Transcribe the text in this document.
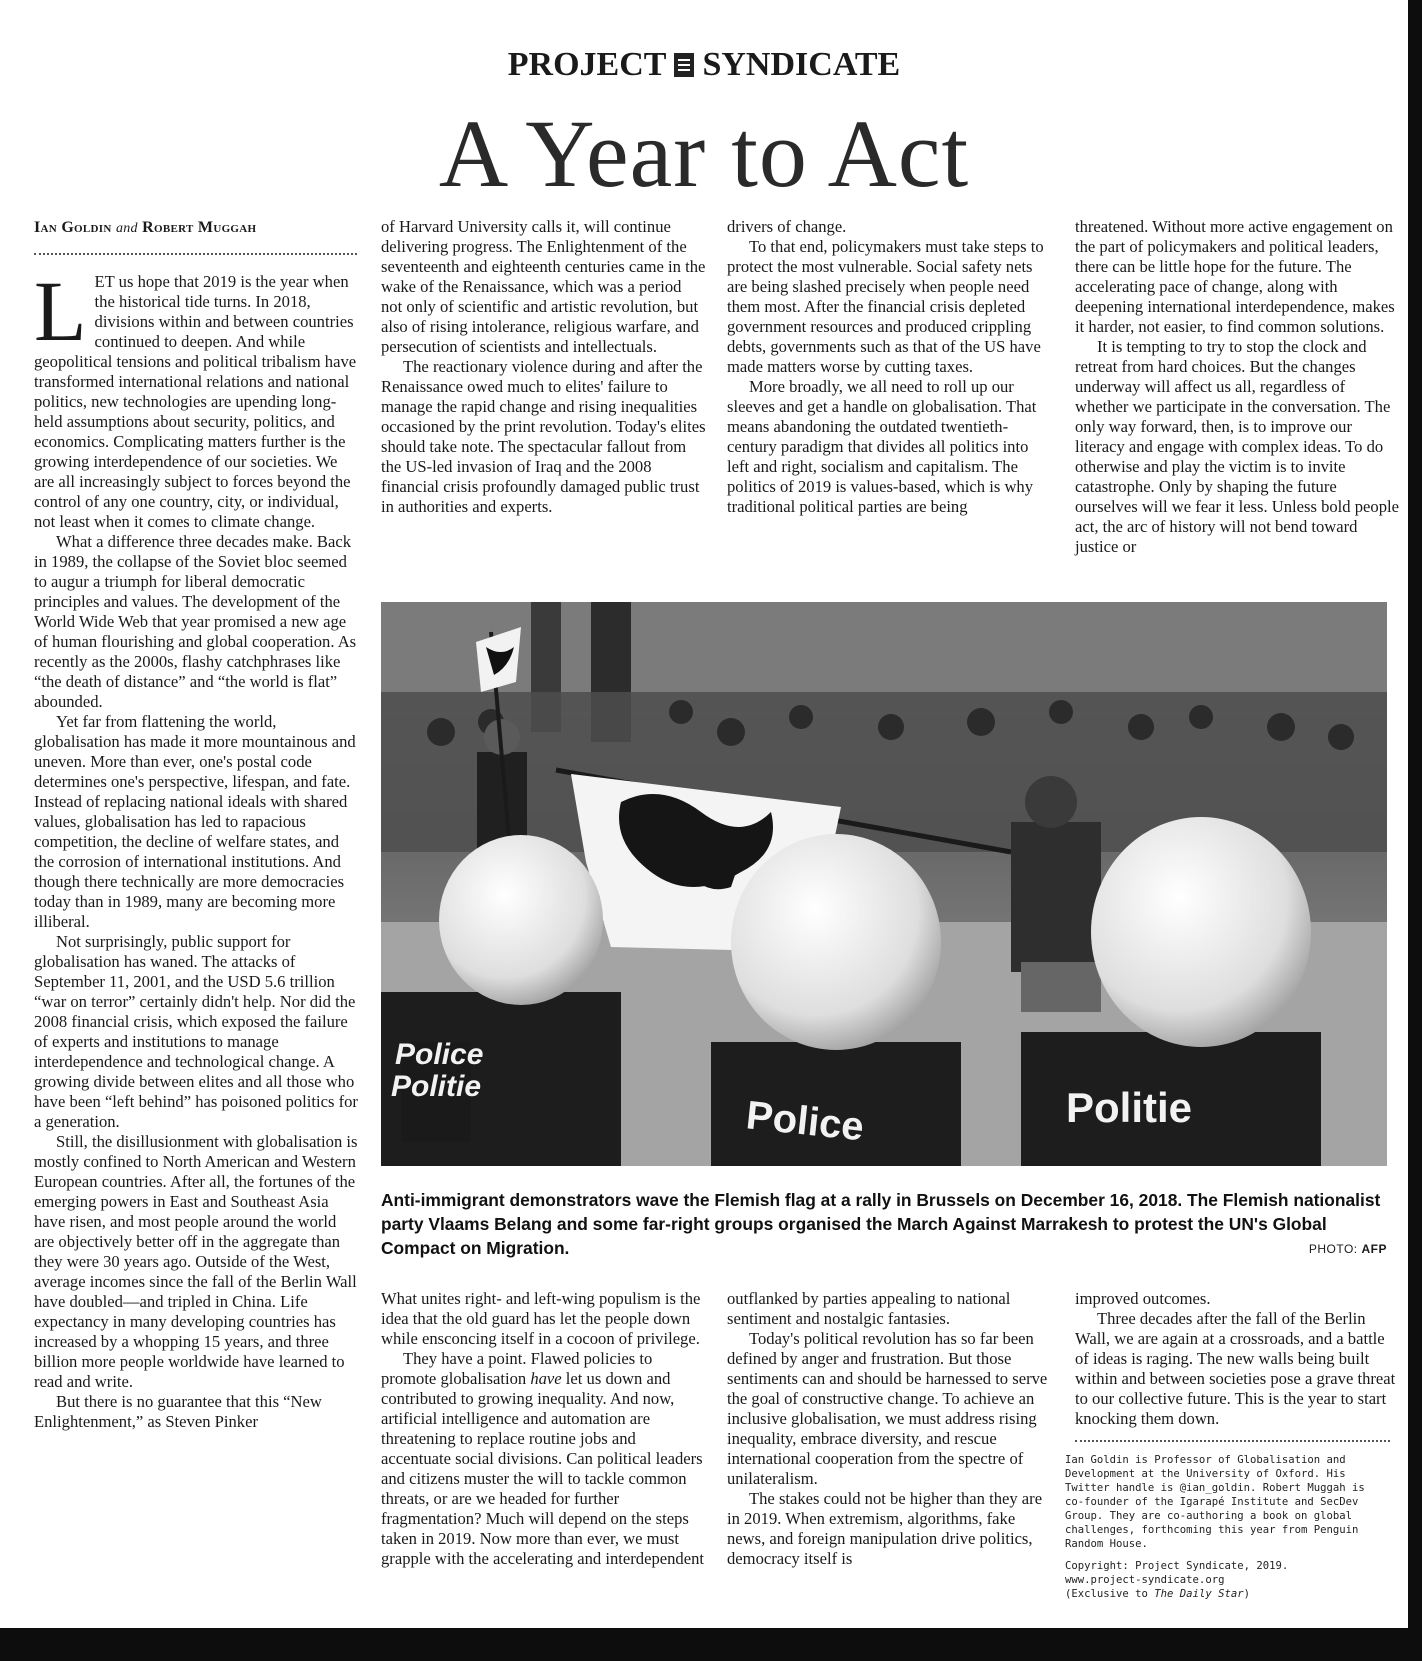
PROJECT SYNDICATE
A Year to Act
Ian Goldin and Robert Muggah

LET us hope that 2019 is the year when the historical tide turns. In 2018, divisions within and between countries continued to deepen. And while geopolitical tensions and political tribalism have transformed international relations and national politics, new technologies are upending long-held assumptions about security, politics, and economics. Complicating matters further is the growing interdependence of our societies. We are all increasingly subject to forces beyond the control of any one country, city, or individual, not least when it comes to climate change.

What a difference three decades make. Back in 1989, the collapse of the Soviet bloc seemed to augur a triumph for liberal democratic principles and values. The development of the World Wide Web that year promised a new age of human flourishing and global cooperation. As recently as the 2000s, flashy catchphrases like “the death of distance” and “the world is flat” abounded.

Yet far from flattening the world, globalisation has made it more mountainous and uneven. More than ever, one's postal code determines one's perspective, lifespan, and fate. Instead of replacing national ideals with shared values, globalisation has led to rapacious competition, the decline of welfare states, and the corrosion of international institutions. And though there technically are more democracies today than in 1989, many are becoming more illiberal.

Not surprisingly, public support for globalisation has waned. The attacks of September 11, 2001, and the USD 5.6 trillion “war on terror” certainly didn't help. Nor did the 2008 financial crisis, which exposed the failure of experts and institutions to manage interdependence and technological change. A growing divide between elites and all those who have been “left behind” has poisoned politics for a generation.

Still, the disillusionment with globalisation is mostly confined to North American and Western European countries. After all, the fortunes of the emerging powers in East and Southeast Asia have risen, and most people around the world are objectively better off in the aggregate than they were 30 years ago. Outside of the West, average incomes since the fall of the Berlin Wall have doubled—and tripled in China. Life expectancy in many developing countries has increased by a whopping 15 years, and three billion more people worldwide have learned to read and write.

But there is no guarantee that this “New Enlightenment,” as Steven Pinker

of Harvard University calls it, will continue delivering progress. The Enlightenment of the seventeenth and eighteenth centuries came in the wake of the Renaissance, which was a period not only of scientific and artistic revolution, but also of rising intolerance, religious warfare, and persecution of scientists and intellectuals.

The reactionary violence during and after the Renaissance owed much to elites' failure to manage the rapid change and rising inequalities occasioned by the print revolution. Today's elites should take note. The spectacular fallout from the US-led invasion of Iraq and the 2008 financial crisis profoundly damaged public trust in authorities and experts.

drivers of change.

To that end, policymakers must take steps to protect the most vulnerable. Social safety nets are being slashed precisely when people need them most. After the financial crisis depleted government resources and produced crippling debts, governments such as that of the US have made matters worse by cutting taxes.

More broadly, we all need to roll up our sleeves and get a handle on globalisation. That means abandoning the outdated twentieth-century paradigm that divides all politics into left and right, socialism and capitalism. The politics of 2019 is values-based, which is why traditional political parties are being

threatened. Without more active engagement on the part of policymakers and political leaders, there can be little hope for the future. The accelerating pace of change, along with deepening international interdependence, makes it harder, not easier, to find common solutions.

It is tempting to try to stop the clock and retreat from hard choices. But the changes underway will affect us all, regardless of whether we participate in the conversation. The only way forward, then, is to improve our literacy and engage with complex ideas. To do otherwise and play the victim is to invite catastrophe. Only by shaping the future ourselves will we fear it less. Unless bold people act, the arc of history will not bend toward justice or

Police
Politie
Police	Politie
Anti-immigrant demonstrators wave the Flemish flag at a rally in Brussels on December 16, 2018. The Flemish nationalist party Vlaams Belang and some far-right groups organised the March Against Marrakesh to protest the UN's Global Compact on Migration.	PHOTO: AFP

What unites right- and left-wing populism is the idea that the old guard has let the people down while ensconcing itself in a cocoon of privilege.

They have a point. Flawed policies to promote globalisation have let us down and contributed to growing inequality. And now, artificial intelligence and automation are threatening to replace routine jobs and accentuate social divisions. Can political leaders and citizens muster the will to tackle common threats, or are we headed for further fragmentation? Much will depend on the steps taken in 2019. Now more than ever, we must grapple with the accelerating and interdependent

outflanked by parties appealing to national sentiment and nostalgic fantasies.

Today's political revolution has so far been defined by anger and frustration. But those sentiments can and should be harnessed to serve the goal of constructive change. To achieve an inclusive globalisation, we must address rising inequality, embrace diversity, and rescue international cooperation from the spectre of unilateralism.

The stakes could not be higher than they are in 2019. When extremism, algorithms, fake news, and foreign manipulation drive politics, democracy itself is

improved outcomes.

Three decades after the fall of the Berlin Wall, we are again at a crossroads, and a battle of ideas is raging. The new walls being built within and between societies pose a grave threat to our collective future. This is the year to start knocking them down.

Ian Goldin is Professor of Globalisation and Development at the University of Oxford. His Twitter handle is @ian_goldin. Robert Muggah is co-founder of the Igarapé Institute and SecDev Group. They are co-authoring a book on global challenges, forthcoming this year from Penguin Random House.

Copyright: Project Syndicate, 2019.
www.project-syndicate.org
(Exclusive to The Daily Star)
